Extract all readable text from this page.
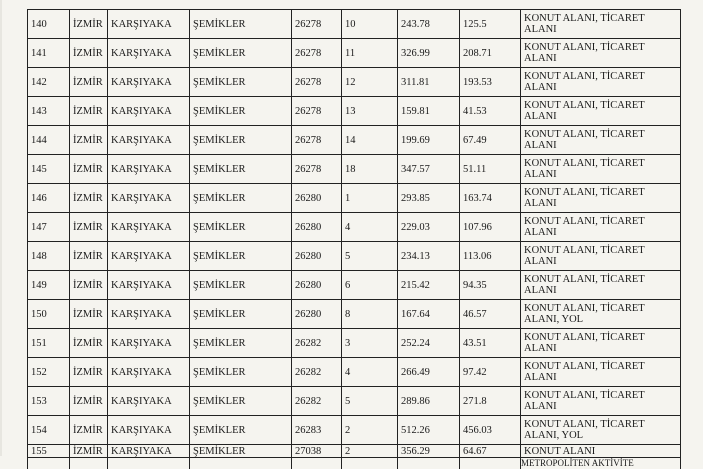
140	İZMİR	KARŞIYAKA	ŞEMİKLER	26278	10	243.78	125.5	KONUT ALANI, TİCARET ALANI
141	İZMİR	KARŞIYAKA	ŞEMİKLER	26278	11	326.99	208.71	KONUT ALANI, TİCARET ALANI
142	İZMİR	KARŞIYAKA	ŞEMİKLER	26278	12	311.81	193.53	KONUT ALANI, TİCARET ALANI
143	İZMİR	KARŞIYAKA	ŞEMİKLER	26278	13	159.81	41.53	KONUT ALANI, TİCARET ALANI
144	İZMİR	KARŞIYAKA	ŞEMİKLER	26278	14	199.69	67.49	KONUT ALANI, TİCARET ALANI
145	İZMİR	KARŞIYAKA	ŞEMİKLER	26278	18	347.57	51.11	KONUT ALANI, TİCARET ALANI
146	İZMİR	KARŞIYAKA	ŞEMİKLER	26280	1	293.85	163.74	KONUT ALANI, TİCARET ALANI
147	İZMİR	KARŞIYAKA	ŞEMİKLER	26280	4	229.03	107.96	KONUT ALANI, TİCARET ALANI
148	İZMİR	KARŞIYAKA	ŞEMİKLER	26280	5	234.13	113.06	KONUT ALANI, TİCARET ALANI
149	İZMİR	KARŞIYAKA	ŞEMİKLER	26280	6	215.42	94.35	KONUT ALANI, TİCARET ALANI
150	İZMİR	KARŞIYAKA	ŞEMİKLER	26280	8	167.64	46.57	KONUT ALANI, TİCARET ALANI, YOL
151	İZMİR	KARŞIYAKA	ŞEMİKLER	26282	3	252.24	43.51	KONUT ALANI, TİCARET ALANI
152	İZMİR	KARŞIYAKA	ŞEMİKLER	26282	4	266.49	97.42	KONUT ALANI, TİCARET ALANI
153	İZMİR	KARŞIYAKA	ŞEMİKLER	26282	5	289.86	271.8	KONUT ALANI, TİCARET ALANI
154	İZMİR	KARŞIYAKA	ŞEMİKLER	26283	2	512.26	456.03	KONUT ALANI, TİCARET ALANI, YOL
155	İZMİR	KARŞIYAKA	ŞEMİKLER	27038	2	356.29	64.67	KONUT ALANI
								METROPOLİTEN AKTİVİTE
